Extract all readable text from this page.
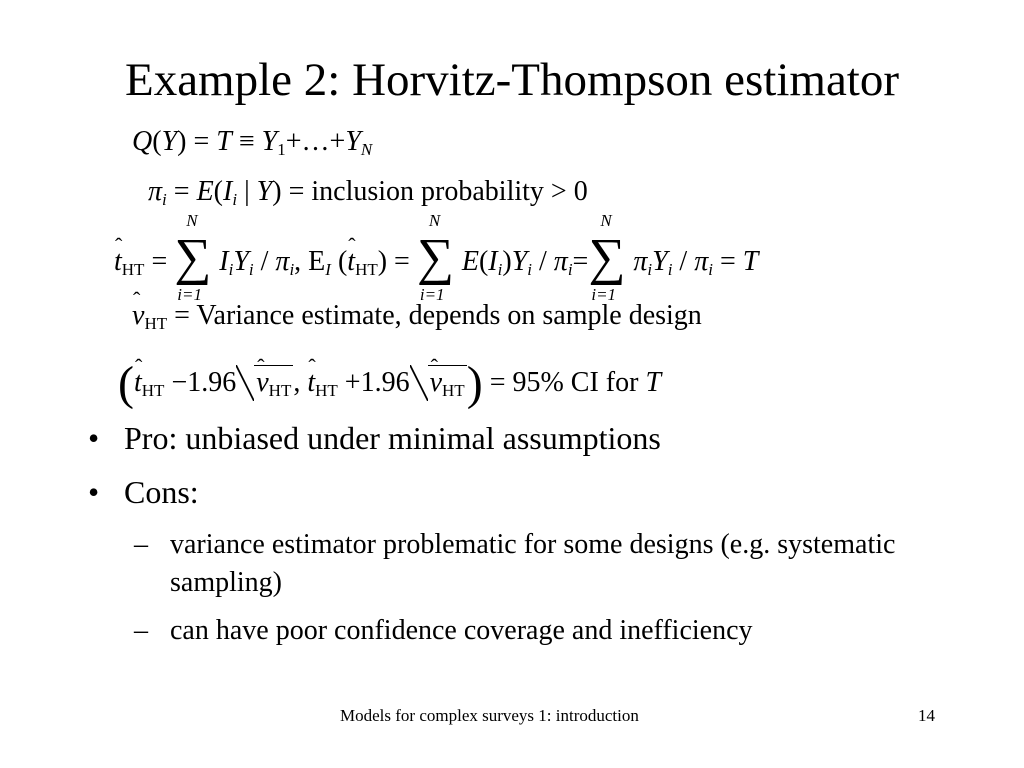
Example 2: Horvitz-Thompson estimator
$Q(Y) = T \equiv Y_1+\dots+Y_N$
$\pi_i = E(I_i$ | Y) = inclusion probability > 0
ˆ $t_{HT}$ =
N
∑
i=1
$I_iY_i / \pi_i$, $E_I$ (ˆ $t_{HT}$) =
N
∑
i=1
$E(I_i)Y_i / \pi_i=$
N
∑
i=1
$\pi_iY_i / \pi_i = T$
ˆ $v_{HT}$ = Variance estimate, depends on sample design
(ˆ $t_{HT}$ −1.96ˆ $v_{HT}$, ˆ $t_{HT}$ +1.96ˆ $v_{HT}) = 95\%$ CI for T
• Pro: unbiased under minimal assumptions
• Cons:
– variance estimator problematic for some designs (e.g. systematic sampling)
– can have poor confidence coverage and inefficiency
Models for complex surveys 1: introduction	14
